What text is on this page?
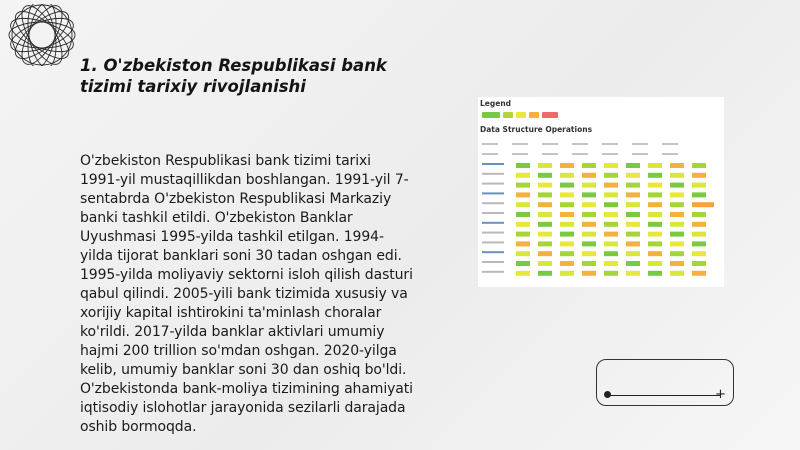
1. O'zbekiston Respublikasi bank tizimi tarixiy rivojlanishi

O'zbekiston Respublikasi bank tizimi tarixi 1991-yil mustaqillikdan boshlangan. 1991-yil 7-sentabrda O'zbekiston Respublikasi Markaziy banki tashkil etildi. O'zbekiston Banklar Uyushmasi 1995-yilda tashkil etilgan. 1994-yilda tijorat banklari soni 30 tadan oshgan edi. 1995-yilda moliyaviy sektorni isloh qilish dasturi qabul qilindi. 2005-yili bank tizimida xususiy va xorijiy kapital ishtirokini ta'minlash choralar ko'rildi. 2017-yilda banklar aktivlari umumiy hajmi 200 trillion so'mdan oshgan. 2020-yilga kelib, umumiy banklar soni 30 dan oshiq bo'ldi. O'zbekistonda bank-moliya tizimining ahamiyati iqtisodiy islohotlar jarayonida sezilarli darajada oshib bormoqda.

Legend
Data Structure Operations
+
